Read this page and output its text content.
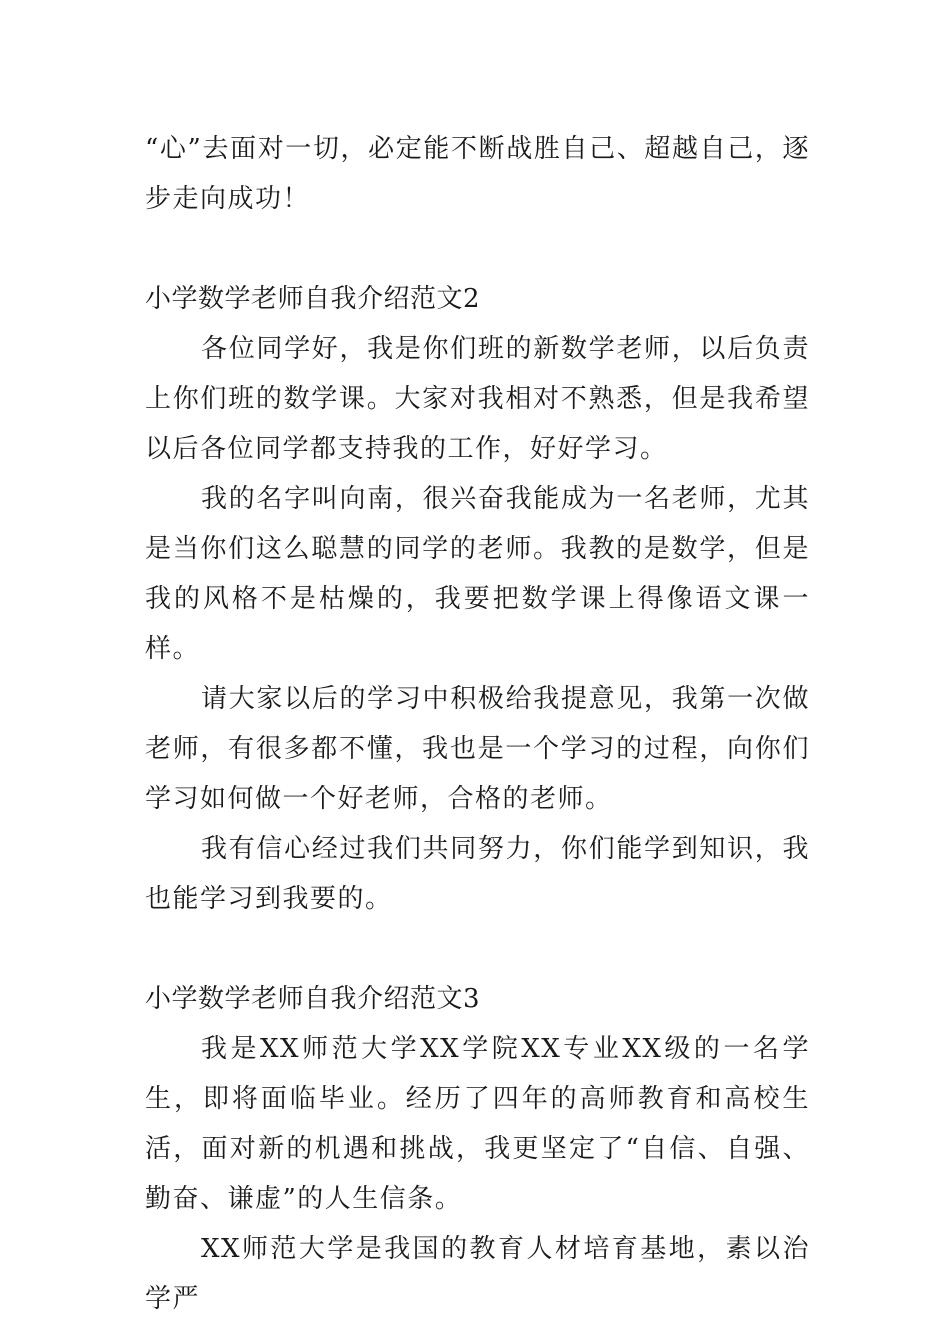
“心”去面对一切，必定能不断战胜自己、超越自己，逐步走向成功！

小学数学老师自我介绍范文2

各位同学好，我是你们班的新数学老师，以后负责上你们班的数学课。大家对我相对不熟悉，但是我希望以后各位同学都支持我的工作，好好学习。

我的名字叫向南，很兴奋我能成为一名老师，尤其是当你们这么聪慧的同学的老师。我教的是数学，但是我的风格不是枯燥的，我要把数学课上得像语文课一样。

请大家以后的学习中积极给我提意见，我第一次做老师，有很多都不懂，我也是一个学习的过程，向你们学习如何做一个好老师，合格的老师。

我有信心经过我们共同努力，你们能学到知识，我也能学习到我要的。

小学数学老师自我介绍范文3

我是XX师范大学XX学院XX专业XX级的一名学生，即将面临毕业。经历了四年的高师教育和高校生活，面对新的机遇和挑战，我更坚定了“自信、自强、勤奋、谦虚”的人生信条。

XX师范大学是我国的教育人材培育基地，素以治学严
